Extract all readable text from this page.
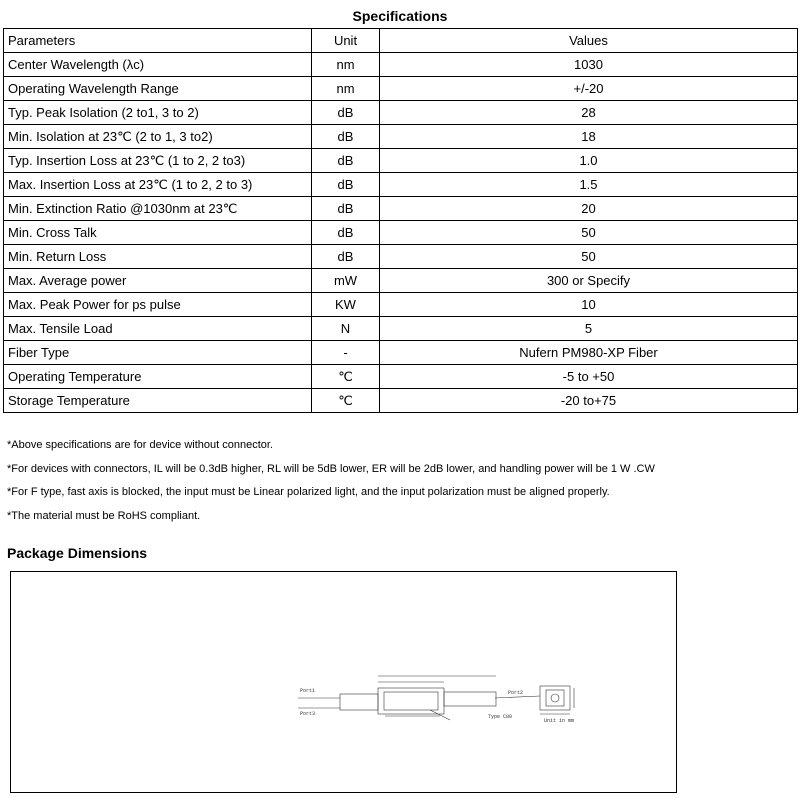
Specifications
Parameters	Unit	Values
Center Wavelength (λc)	nm	1030
Operating Wavelength Range	nm	+/-20
Typ. Peak Isolation (2 to1, 3 to 2)	dB	28
Min. Isolation at 23℃ (2 to 1, 3 to2)	dB	18
Typ. Insertion Loss at 23℃ (1 to 2, 2 to3)	dB	1.0
Max. Insertion Loss at 23℃ (1 to 2, 2 to 3)	dB	1.5
Min. Extinction Ratio @1030nm at 23℃	dB	20
Min. Cross Talk	dB	50
Min. Return Loss	dB	50
Max. Average power	mW	300 or Specify
Max. Peak Power for ps pulse	KW	10
Max. Tensile Load	N	5
Fiber Type	-	Nufern PM980-XP Fiber
Operating Temperature	℃	-5 to +50
Storage Temperature	℃	-20 to+75
*Above specifications are for device without connector.
*For devices with connectors, IL will be 0.3dB higher, RL will be 5dB lower, ER will be 2dB lower, and handling power will be 1 W .CW
*For F type, fast axis is blocked, the input must be Linear polarized light, and the input polarization must be aligned properly.
*The material must be RoHS compliant.
Package Dimensions
Port1
Port3
Port2
Type C80
Unit in mm
